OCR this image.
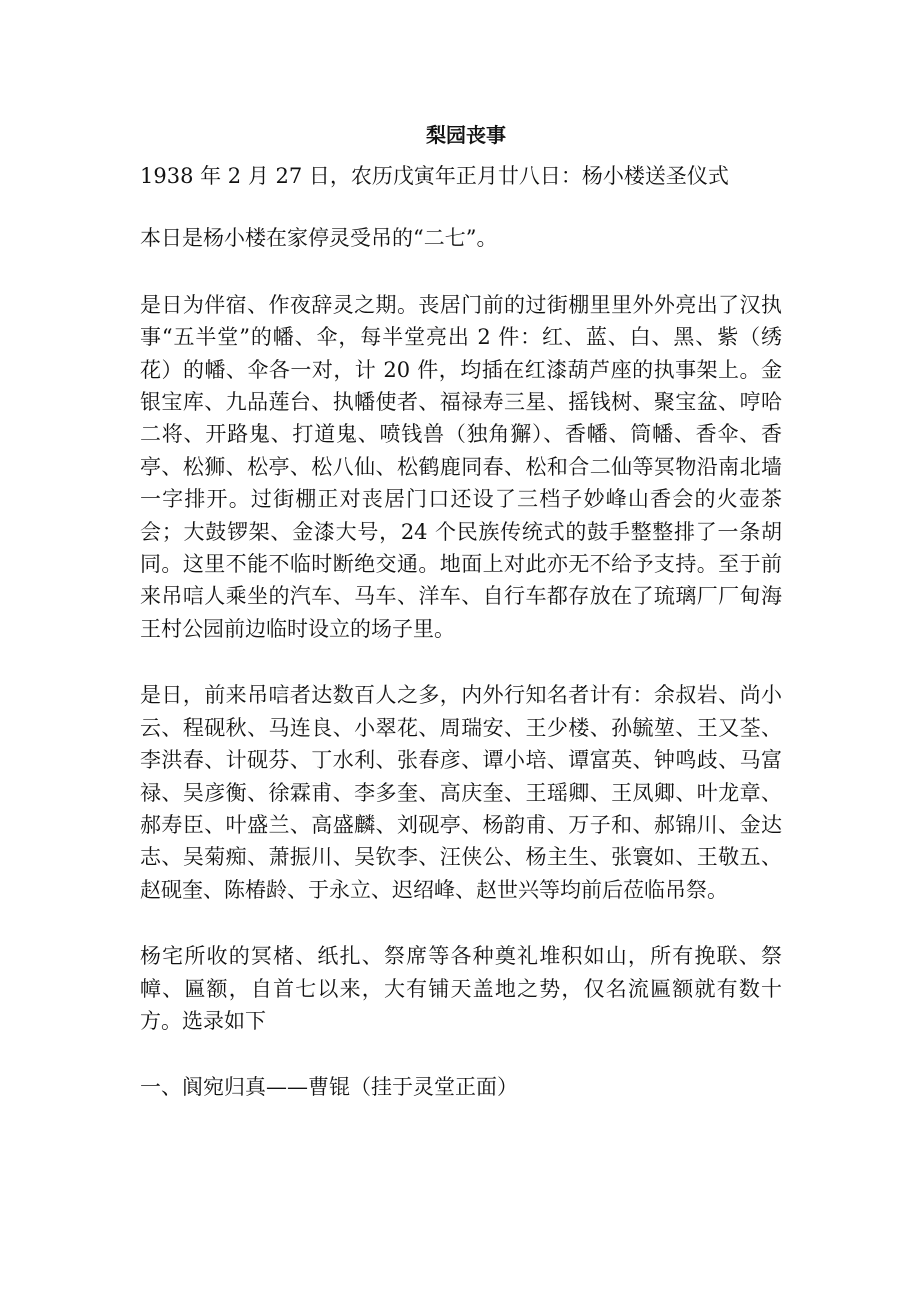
梨园丧事

1938 年 2 月 27 日，农历戊寅年正月廿八日：杨小楼送圣仪式

本日是杨小楼在家停灵受吊的“二七”。

是日为伴宿、作夜辞灵之期。丧居门前的过街棚里里外外亮出了汉执事“五半堂”的幡、伞，每半堂亮出 2 件：红、蓝、白、黑、紫（绣花）的幡、伞各一对，计 20 件，均插在红漆葫芦座的执事架上。金银宝库、九品莲台、执幡使者、福禄寿三星、摇钱树、聚宝盆、哼哈二将、开路鬼、打道鬼、喷钱兽（独角獬）、香幡、筒幡、香伞、香亭、松狮、松亭、松八仙、松鹤鹿同春、松和合二仙等冥物沿南北墙一字排开。过街棚正对丧居门口还设了三档子妙峰山香会的火壶茶会；大鼓锣架、金漆大号，24 个民族传统式的鼓手整整排了一条胡同。这里不能不临时断绝交通。地面上对此亦无不给予支持。至于前来吊唁人乘坐的汽车、马车、洋车、自行车都存放在了琉璃厂厂甸海王村公园前边临时设立的场子里。

是日，前来吊唁者达数百人之多，内外行知名者计有：余叔岩、尚小云、程砚秋、马连良、小翠花、周瑞安、王少楼、孙毓堃、王又荃、李洪春、计砚芬、丁水利、张春彦、谭小培、谭富英、钟鸣歧、马富禄、吴彦衡、徐霖甫、李多奎、高庆奎、王瑶卿、王凤卿、叶龙章、郝寿臣、叶盛兰、高盛麟、刘砚亭、杨韵甫、万子和、郝锦川、金达志、吴菊痴、萧振川、吴钦李、汪侠公、杨主生、张寰如、王敬五、赵砚奎、陈椿龄、于永立、迟绍峰、赵世兴等均前后莅临吊祭。

杨宅所收的冥楮、纸扎、祭席等各种奠礼堆积如山，所有挽联、祭幛、匾额，自首七以来，大有铺天盖地之势，仅名流匾额就有数十方。选录如下

一、阆宛归真——曹锟（挂于灵堂正面）
